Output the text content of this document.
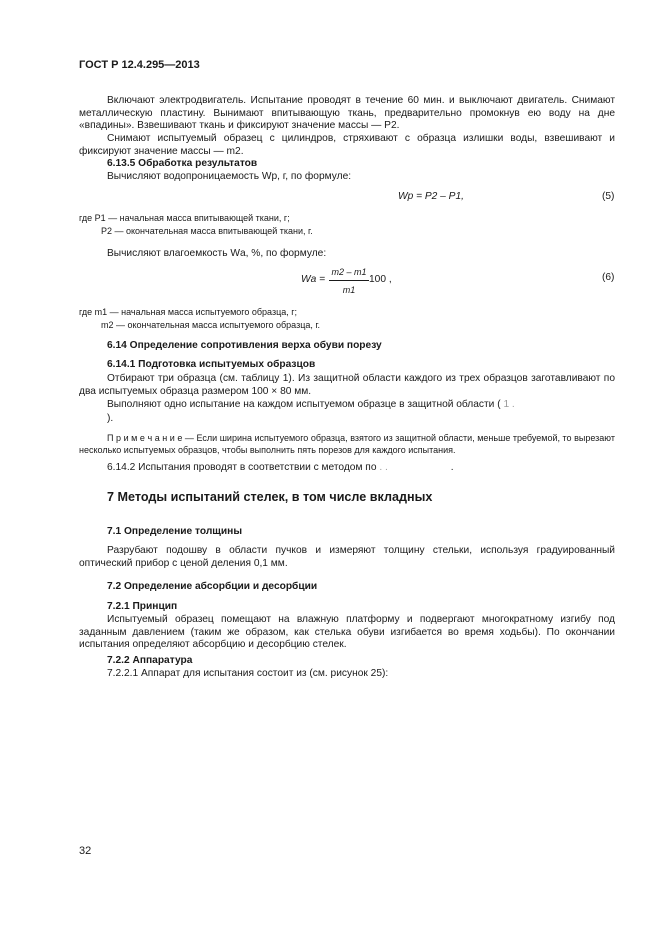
ГОСТ Р 12.4.295—2013
Включают электродвигатель. Испытание проводят в течение 60 мин. и выключают двигатель. Снимают металлическую пластину. Вынимают впитывающую ткань, предварительно промокнув ею воду на дне «впадины». Взвешивают ткань и фиксируют значение массы — P2.
Снимают испытуемый образец с цилиндров, стряхивают с образца излишки воды, взвешивают и фиксируют значение массы — m2.
6.13.5 Обработка результатов
Вычисляют водопроницаемость Wp, г, по формуле:
Wp = P2 – P1,	(5)
где P1 — начальная масса впитывающей ткани, г;
P2 — окончательная масса впитывающей ткани, г.
Вычисляют влагоемкость Wа, %, по формуле:
Wа =
m2 – m1
m1
100 ,	(6)
где m1 — начальная масса испытуемого образца, г;
m2 — окончательная масса испытуемого образца, г.
6.14 Определение сопротивления верха обуви порезу
6.14.1 Подготовка испытуемых образцов
Отбирают три образца (см. таблицу 1). Из защитной области каждого из трех образцов заготавливают по два испытуемых образца размером 100 × 80 мм.
Выполняют одно испытание на каждом испытуемом образце в защитной области ( 1 .
).
П р и м е ч а н и е — Если ширина испытуемого образца, взятого из защитной области, меньше требуемой, то вырезают несколько испытуемых образцов, чтобы выполнить пять порезов для каждого испытания.
6.14.2 Испытания проводят в соответствии с методом по . .	.
7 Методы испытаний стелек, в том числе вкладных
7.1 Определение толщины
Разрубают подошву в области пучков и измеряют толщину стельки, используя градуированный оптический прибор с ценой деления 0,1 мм.
7.2 Определение абсорбции и десорбции
7.2.1 Принцип
Испытуемый образец помещают на влажную платформу и подвергают многократному изгибу под заданным давлением (таким же образом, как стелька обуви изгибается во время ходьбы). По окончании испытания определяют абсорбцию и десорбцию стелек.
7.2.2 Аппаратура
7.2.2.1 Аппарат для испытания состоит из (см. рисунок 25):
32
